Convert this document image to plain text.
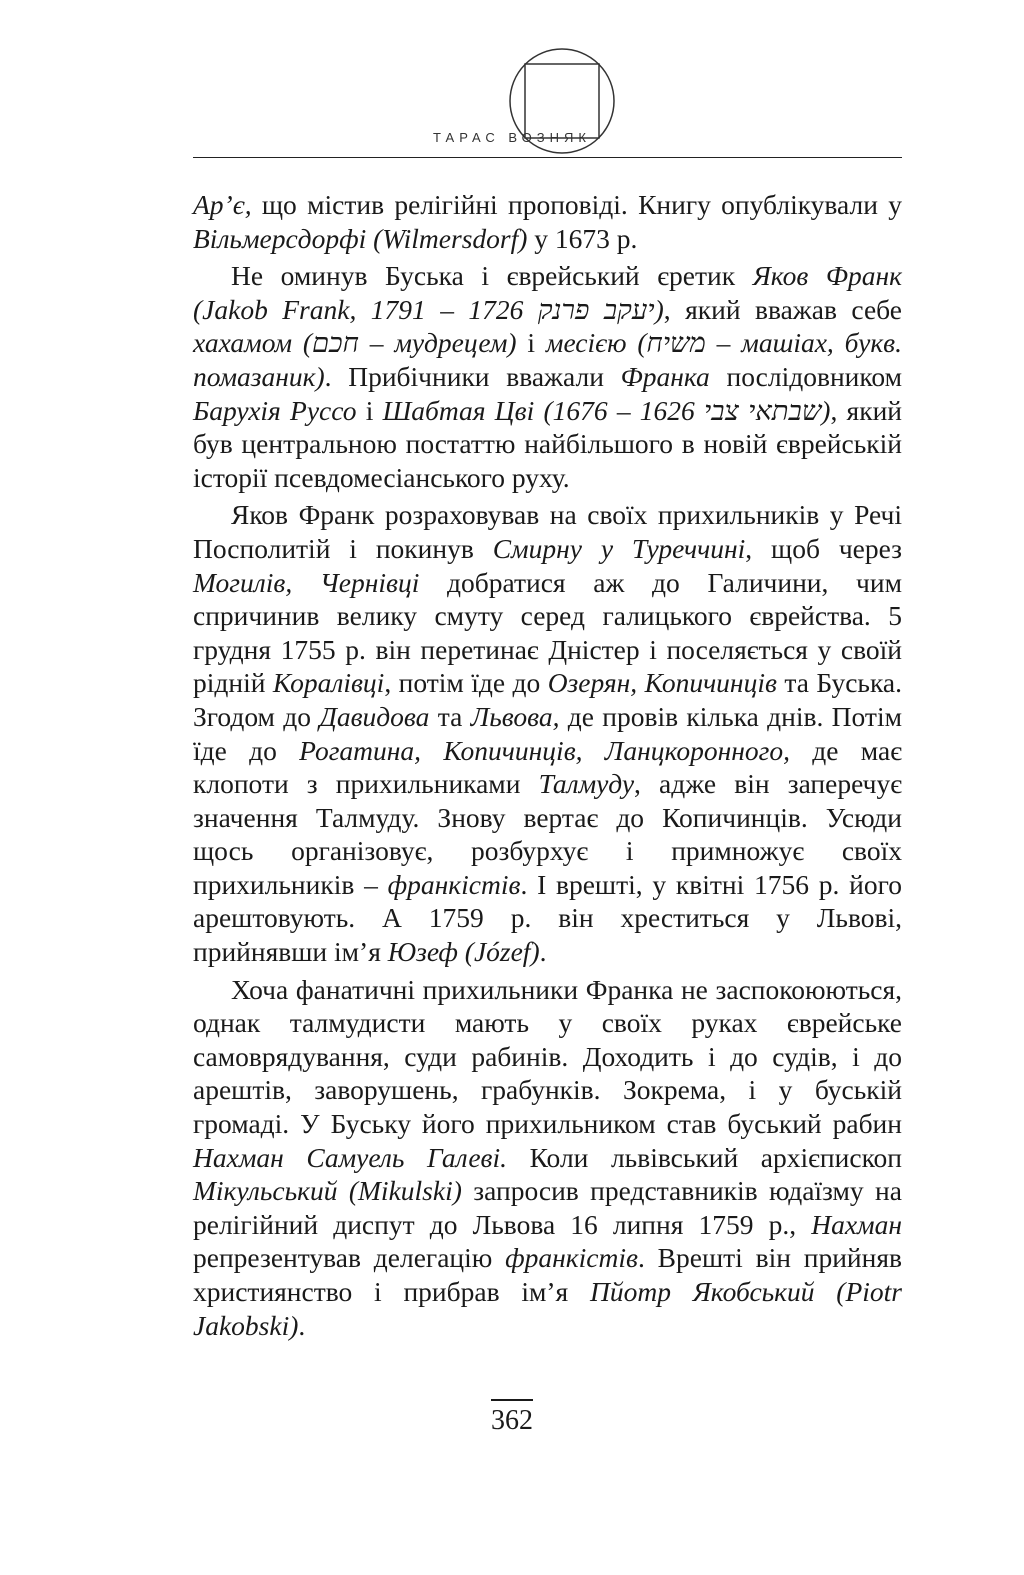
ТАРАС ВОЗНЯК

Ар’є, що містив релігійні проповіді. Книгу опублікували у Вільмерсдорфі (Wilmersdorf) у 1673 р.

Не оминув Буська і єврейський єретик Яков Франк (Jakob Frank, יעקב פרנק 1726 – 1791), який вважав себе хахамом (חכם – мудрецем) і месією (משיח – машіах, букв. помазаник). Прибічники вважали Франка послідовником Барухія Руссо і Шабтая Цві (שבתאי צבי 1626 – 1676), який був центральною постаттю найбільшого в новій єврейській історії псевдомесіанського руху.

Яков Франк розраховував на своїх прихильників у Речі Посполитій і покинув Смирну у Туреччині, щоб через Могилів, Чернівці добратися аж до Галичини, чим спричинив велику смуту серед галицького єврейства. 5 грудня 1755 р. він перетинає Дністер і поселяється у своїй рідній Коралівці, потім їде до Озерян, Копичинців та Буська. Згодом до Давидова та Львова, де провів кілька днів. Потім їде до Рогатина, Копичинців, Ланцкоронного, де має клопоти з прихильниками Талмуду, адже він заперечує значення Талмуду. Знову вертає до Копичинців. Усюди щось організовує, розбурхує і примножує своїх прихильників – франкістів. І врешті, у квітні 1756 р. його арештовують. А 1759 р. він хреститься у Львові, прийнявши ім’я Юзеф (Józef).

Хоча фанатичні прихильники Франка не заспокоюються, однак талмудисти мають у своїх руках єврейське самоврядування, суди рабинів. Доходить і до судів, і до арештів, заворушень, грабунків. Зокрема, і у буській громаді. У Буську його прихильником став буський рабин Нахман Самуель Галеві. Коли львівський архієпископ Мікульський (Mikulski) запросив представників юдаїзму на релігійний диспут до Львова 16 липня 1759 р., Нахман репрезентував делегацію франкістів. Врешті він прийняв християнство і прибрав ім’я Пйотр Якобський (Piotr Jakobski).

362
